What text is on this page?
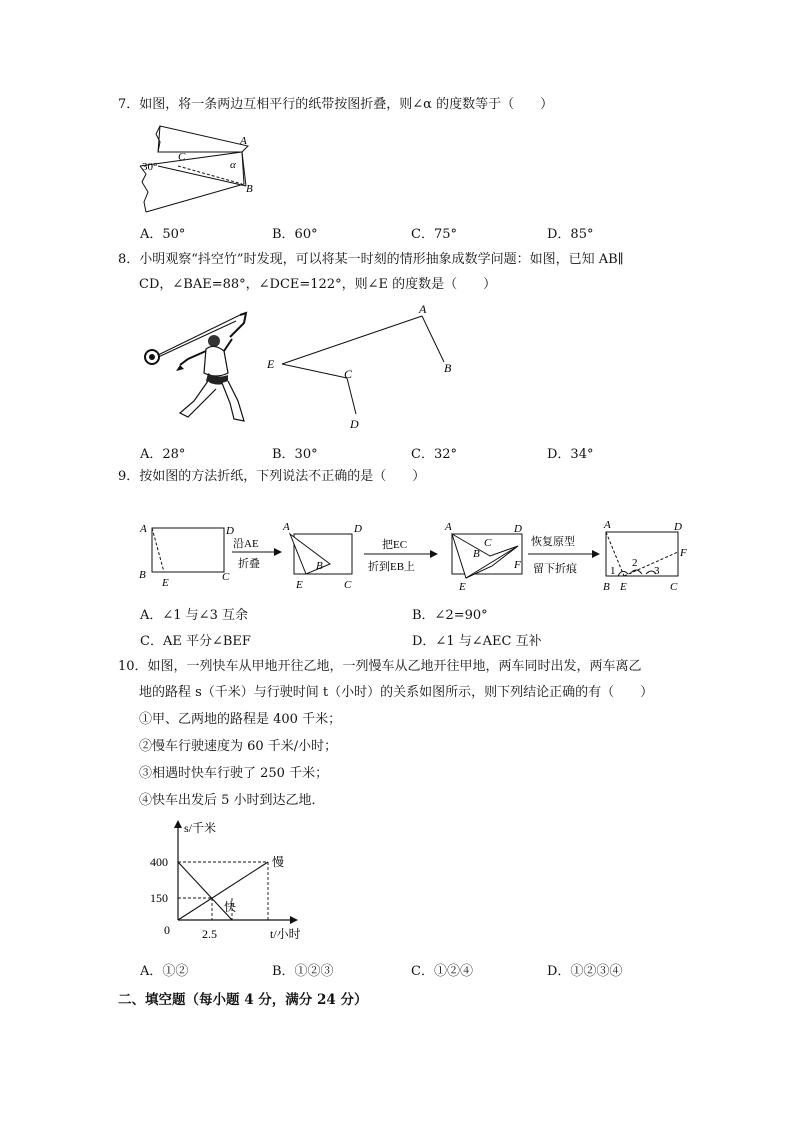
7．如图，将一条两边互相平行的纸带按图折叠，则∠α 的度数等于（　　）
A
B
C
30°	α
A．50°	B．60°	C．75°	D．85°
8．小明观察“抖空竹”时发现，可以将某一时刻的情形抽象成数学问题：如图，已知 AB∥
CD，∠BAE=88°，∠DCE=122°，则∠E 的度数是（　　）
A
B
C
D
E
A．28°	B．30°	C．32°	D．34°
9．按如图的方法折纸，下列说法不正确的是（　　）
A	D
B
E	C
沿AE
折叠
A	D
B
E	C
把EC
折到EB上
A	D
B
C
F
E
恢复原型
留下折痕
A	D
F
B E	C
1
2
3
A．∠1 与∠3 互余	B．∠2=90°
C．AE 平分∠BEF	D．∠1 与∠AEC 互补
10．如图，一列快车从甲地开往乙地，一列慢车从乙地开往甲地，两车同时出发，两车离乙
地的路程 s（千米）与行驶时间 t（小时）的关系如图所示，则下列结论正确的有（　　）
①甲、乙两地的路程是 400 千米；
②慢车行驶速度为 60 千米/小时；
③相遇时快车行驶了 250 千米；
④快车出发后 5 小时到达乙地．
s/千米
t/小时
400
150
0	2.5
慢
快
A．①②	B．①②③	C．①②④	D．①②③④
二、填空题（每小题 4 分，满分 24 分）
